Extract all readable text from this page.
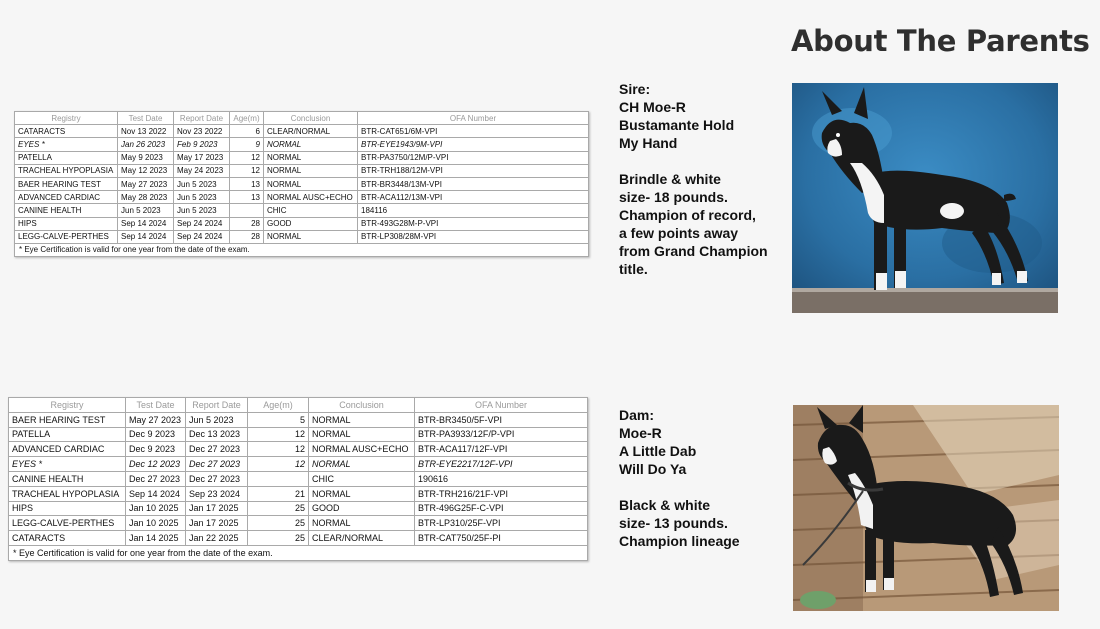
About The Parents
Registry	Test Date	Report Date	Age(m)	Conclusion	OFA Number
CATARACTS	Nov 13 2022	Nov 23 2022	6	CLEAR/NORMAL	BTR-CAT651/6M-VPI
EYES *	Jan 26 2023	Feb 9 2023	9	NORMAL	BTR-EYE1943/9M-VPI
PATELLA	May 9 2023	May 17 2023	12	NORMAL	BTR-PA3750/12M/P-VPI
TRACHEAL HYPOPLASIA	May 12 2023	May 24 2023	12	NORMAL	BTR-TRH188/12M-VPI
BAER HEARING TEST	May 27 2023	Jun 5 2023	13	NORMAL	BTR-BR3448/13M-VPI
ADVANCED CARDIAC	May 28 2023	Jun 5 2023	13	NORMAL AUSC+ECHO	BTR-ACA112/13M-VPI
CANINE HEALTH	Jun 5 2023	Jun 5 2023		CHIC	184116
HIPS	Sep 14 2024	Sep 24 2024	28	GOOD	BTR-493G28M-P-VPI
LEGG-CALVE-PERTHES	Sep 14 2024	Sep 24 2024	28	NORMAL	BTR-LP308/28M-VPI
* Eye Certification is valid for one year from the date of the exam.					
Registry	Test Date	Report Date	Age(m)	Conclusion	OFA Number
BAER HEARING TEST	May 27 2023	Jun 5 2023	5	NORMAL	BTR-BR3450/5F-VPI
PATELLA	Dec 9 2023	Dec 13 2023	12	NORMAL	BTR-PA3933/12F/P-VPI
ADVANCED CARDIAC	Dec 9 2023	Dec 27 2023	12	NORMAL AUSC+ECHO	BTR-ACA117/12F-VPI
EYES *	Dec 12 2023	Dec 27 2023	12	NORMAL	BTR-EYE2217/12F-VPI
CANINE HEALTH	Dec 27 2023	Dec 27 2023		CHIC	190616
TRACHEAL HYPOPLASIA	Sep 14 2024	Sep 23 2024	21	NORMAL	BTR-TRH216/21F-VPI
HIPS	Jan 10 2025	Jan 17 2025	25	GOOD	BTR-496G25F-C-VPI
LEGG-CALVE-PERTHES	Jan 10 2025	Jan 17 2025	25	NORMAL	BTR-LP310/25F-VPI
CATARACTS	Jan 14 2025	Jan 22 2025	25	CLEAR/NORMAL	BTR-CAT750/25F-PI
* Eye Certification is valid for one year from the date of the exam.					
Sire:
CH Moe-R
Bustamante Hold
My Hand
Brindle & white
size- 18 pounds.
Champion of record,
a few points away
from Grand Champion
title.
Dam:
Moe-R
A Little Dab
Will Do Ya
Black & white
size- 13 pounds.
Champion lineage
